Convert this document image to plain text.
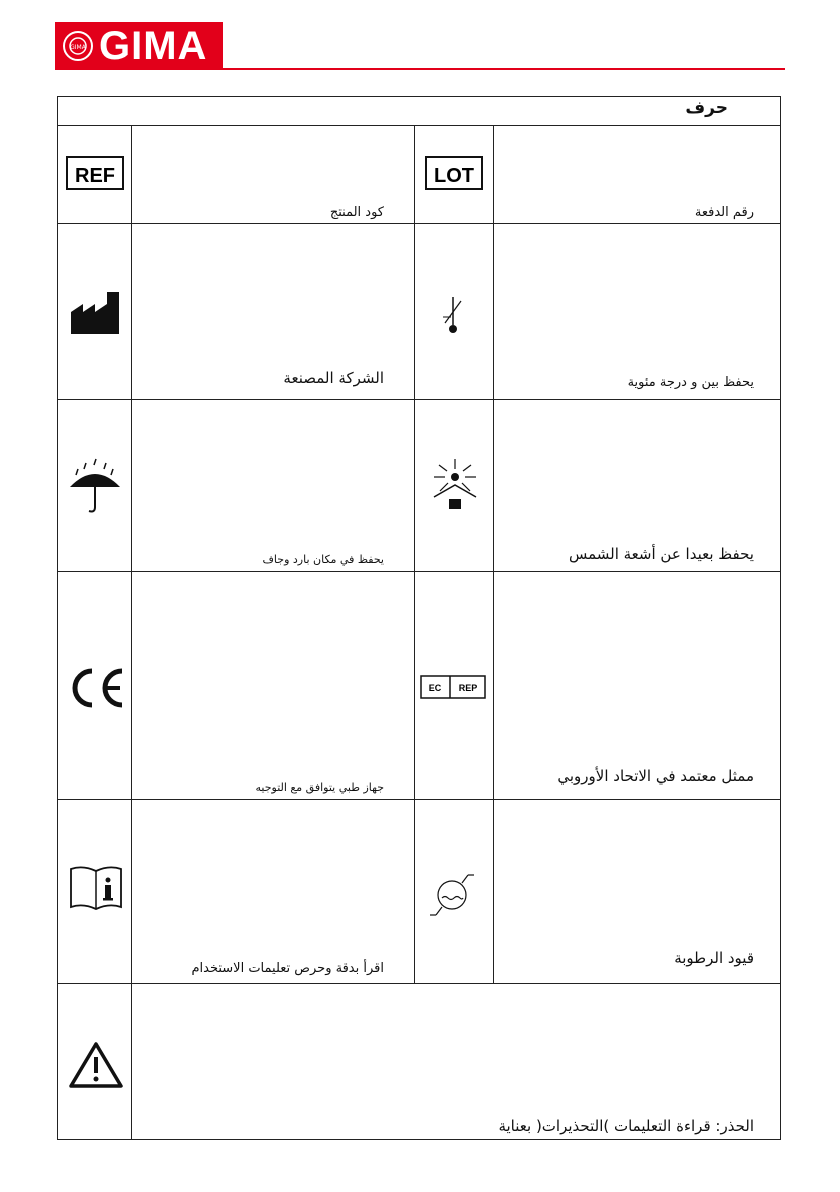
GIMA GIMA
حرف
REF
كود المنتج
LOT
رقم الدفعة
الشركة المصنعة	يحفظ بين و درجة مئوية
يحفظ في مكان بارد وجاف	يحفظ بعيدا عن أشعة الشمس
جهاز طبي يتوافق مع التوجيه
EC REP
ممثل معتمد في الاتحاد الأوروبي
اقرأ بدقة وحرص تعليمات الاستخدام
قيود الرطوبة
الحذر: قراءة التعليمات )التحذيرات( بعناية
